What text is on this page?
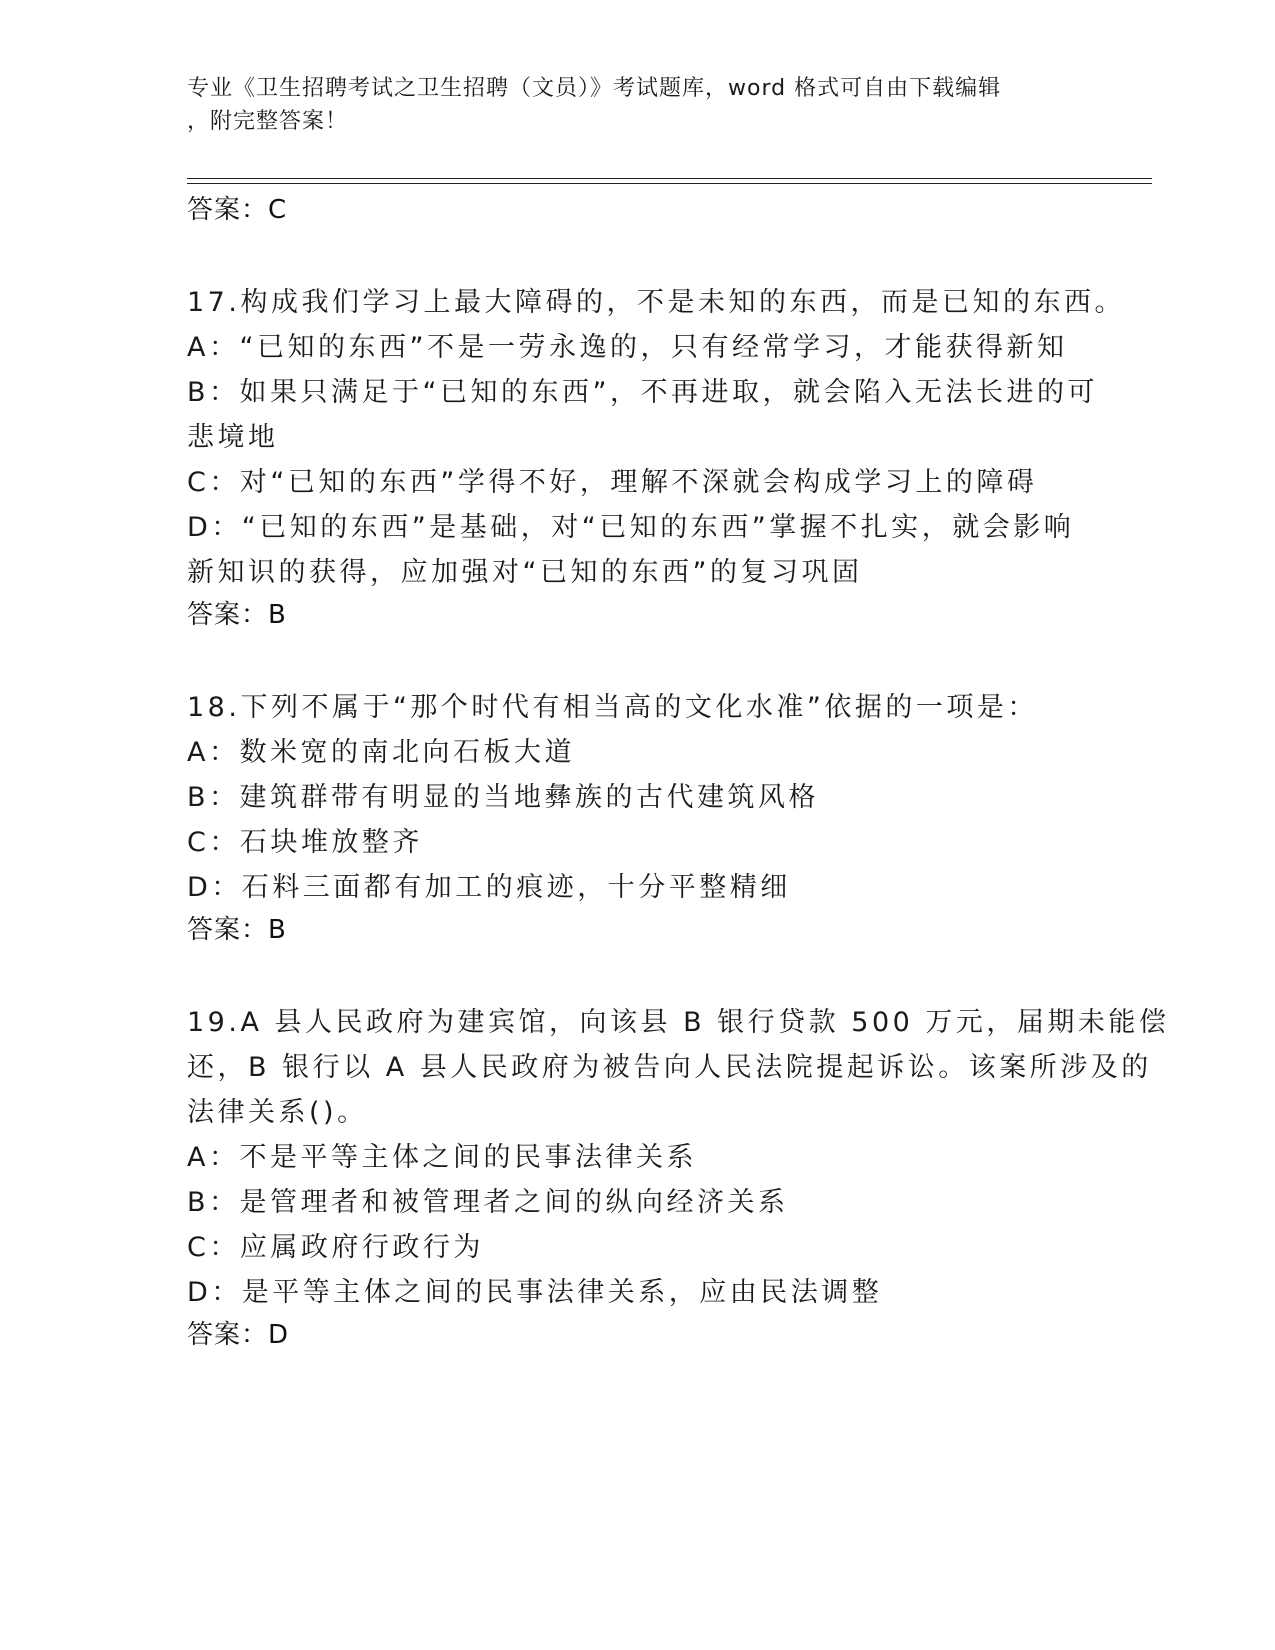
专业《卫生招聘考试之卫生招聘（文员）》考试题库，word 格式可自由下载编辑
，附完整答案！

答案：C

17.构成我们学习上最大障碍的，不是未知的东西，而是已知的东西。

A：“已知的东西”不是一劳永逸的，只有经常学习，才能获得新知

B：如果只满足于“已知的东西”，不再进取，就会陷入无法长进的可

悲境地

C：对“已知的东西”学得不好，理解不深就会构成学习上的障碍

D：“已知的东西”是基础，对“已知的东西”掌握不扎实，就会影响

新知识的获得，应加强对“已知的东西”的复习巩固

答案：B

18.下列不属于“那个时代有相当高的文化水准”依据的一项是：

A：数米宽的南北向石板大道

B：建筑群带有明显的当地彝族的古代建筑风格

C：石块堆放整齐

D：石料三面都有加工的痕迹，十分平整精细

答案：B

19.A 县人民政府为建宾馆，向该县 B 银行贷款 500 万元，届期未能偿

还，B 银行以 A 县人民政府为被告向人民法院提起诉讼。该案所涉及的

法律关系()。

A：不是平等主体之间的民事法律关系

B：是管理者和被管理者之间的纵向经济关系

C：应属政府行政行为

D：是平等主体之间的民事法律关系，应由民法调整

答案：D
